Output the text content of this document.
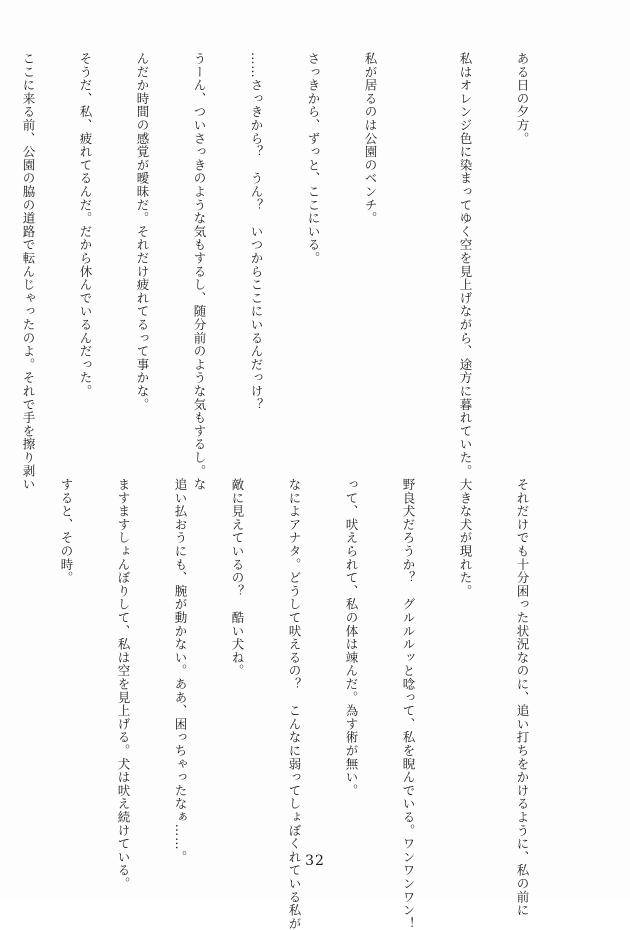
ある日の夕方。

私はオレンジ色に染まってゆく空を見上げながら、途方に暮れていた。

私が居るのは公園のベンチ。

さっきから、ずっと、ここにいる。

……さっきから？　うん？　いつからここにいるんだっけ？

うーん、ついさっきのような気もするし、随分前のような気もするし。な

んだか時間の感覚が曖昧だ。それだけ疲れてるって事かな。

そうだ、私、疲れてるんだ。だから休んでいるんだった。

ここに来る前、公園の脇の道路で転んじゃったのよ。それで手を擦り剥い

それだけでも十分困った状況なのに、追い打ちをかけるように、私の前に

大きな犬が現れた。

野良犬だろうか？　グルルルッと唸って、私を睨んでいる。ワンワンワン！

って、吠えられて、私の体は竦んだ。為す術が無い。

なによアナタ。どうして吠えるの？　こんなに弱ってしょぼくれている私が

敵に見えているの？　酷い犬ね。

追い払おうにも、腕が動かない。ああ、困っちゃったなぁ……。

ますますしょんぼりして、私は空を見上げる。犬は吠え続けている。

すると、その時。

32
